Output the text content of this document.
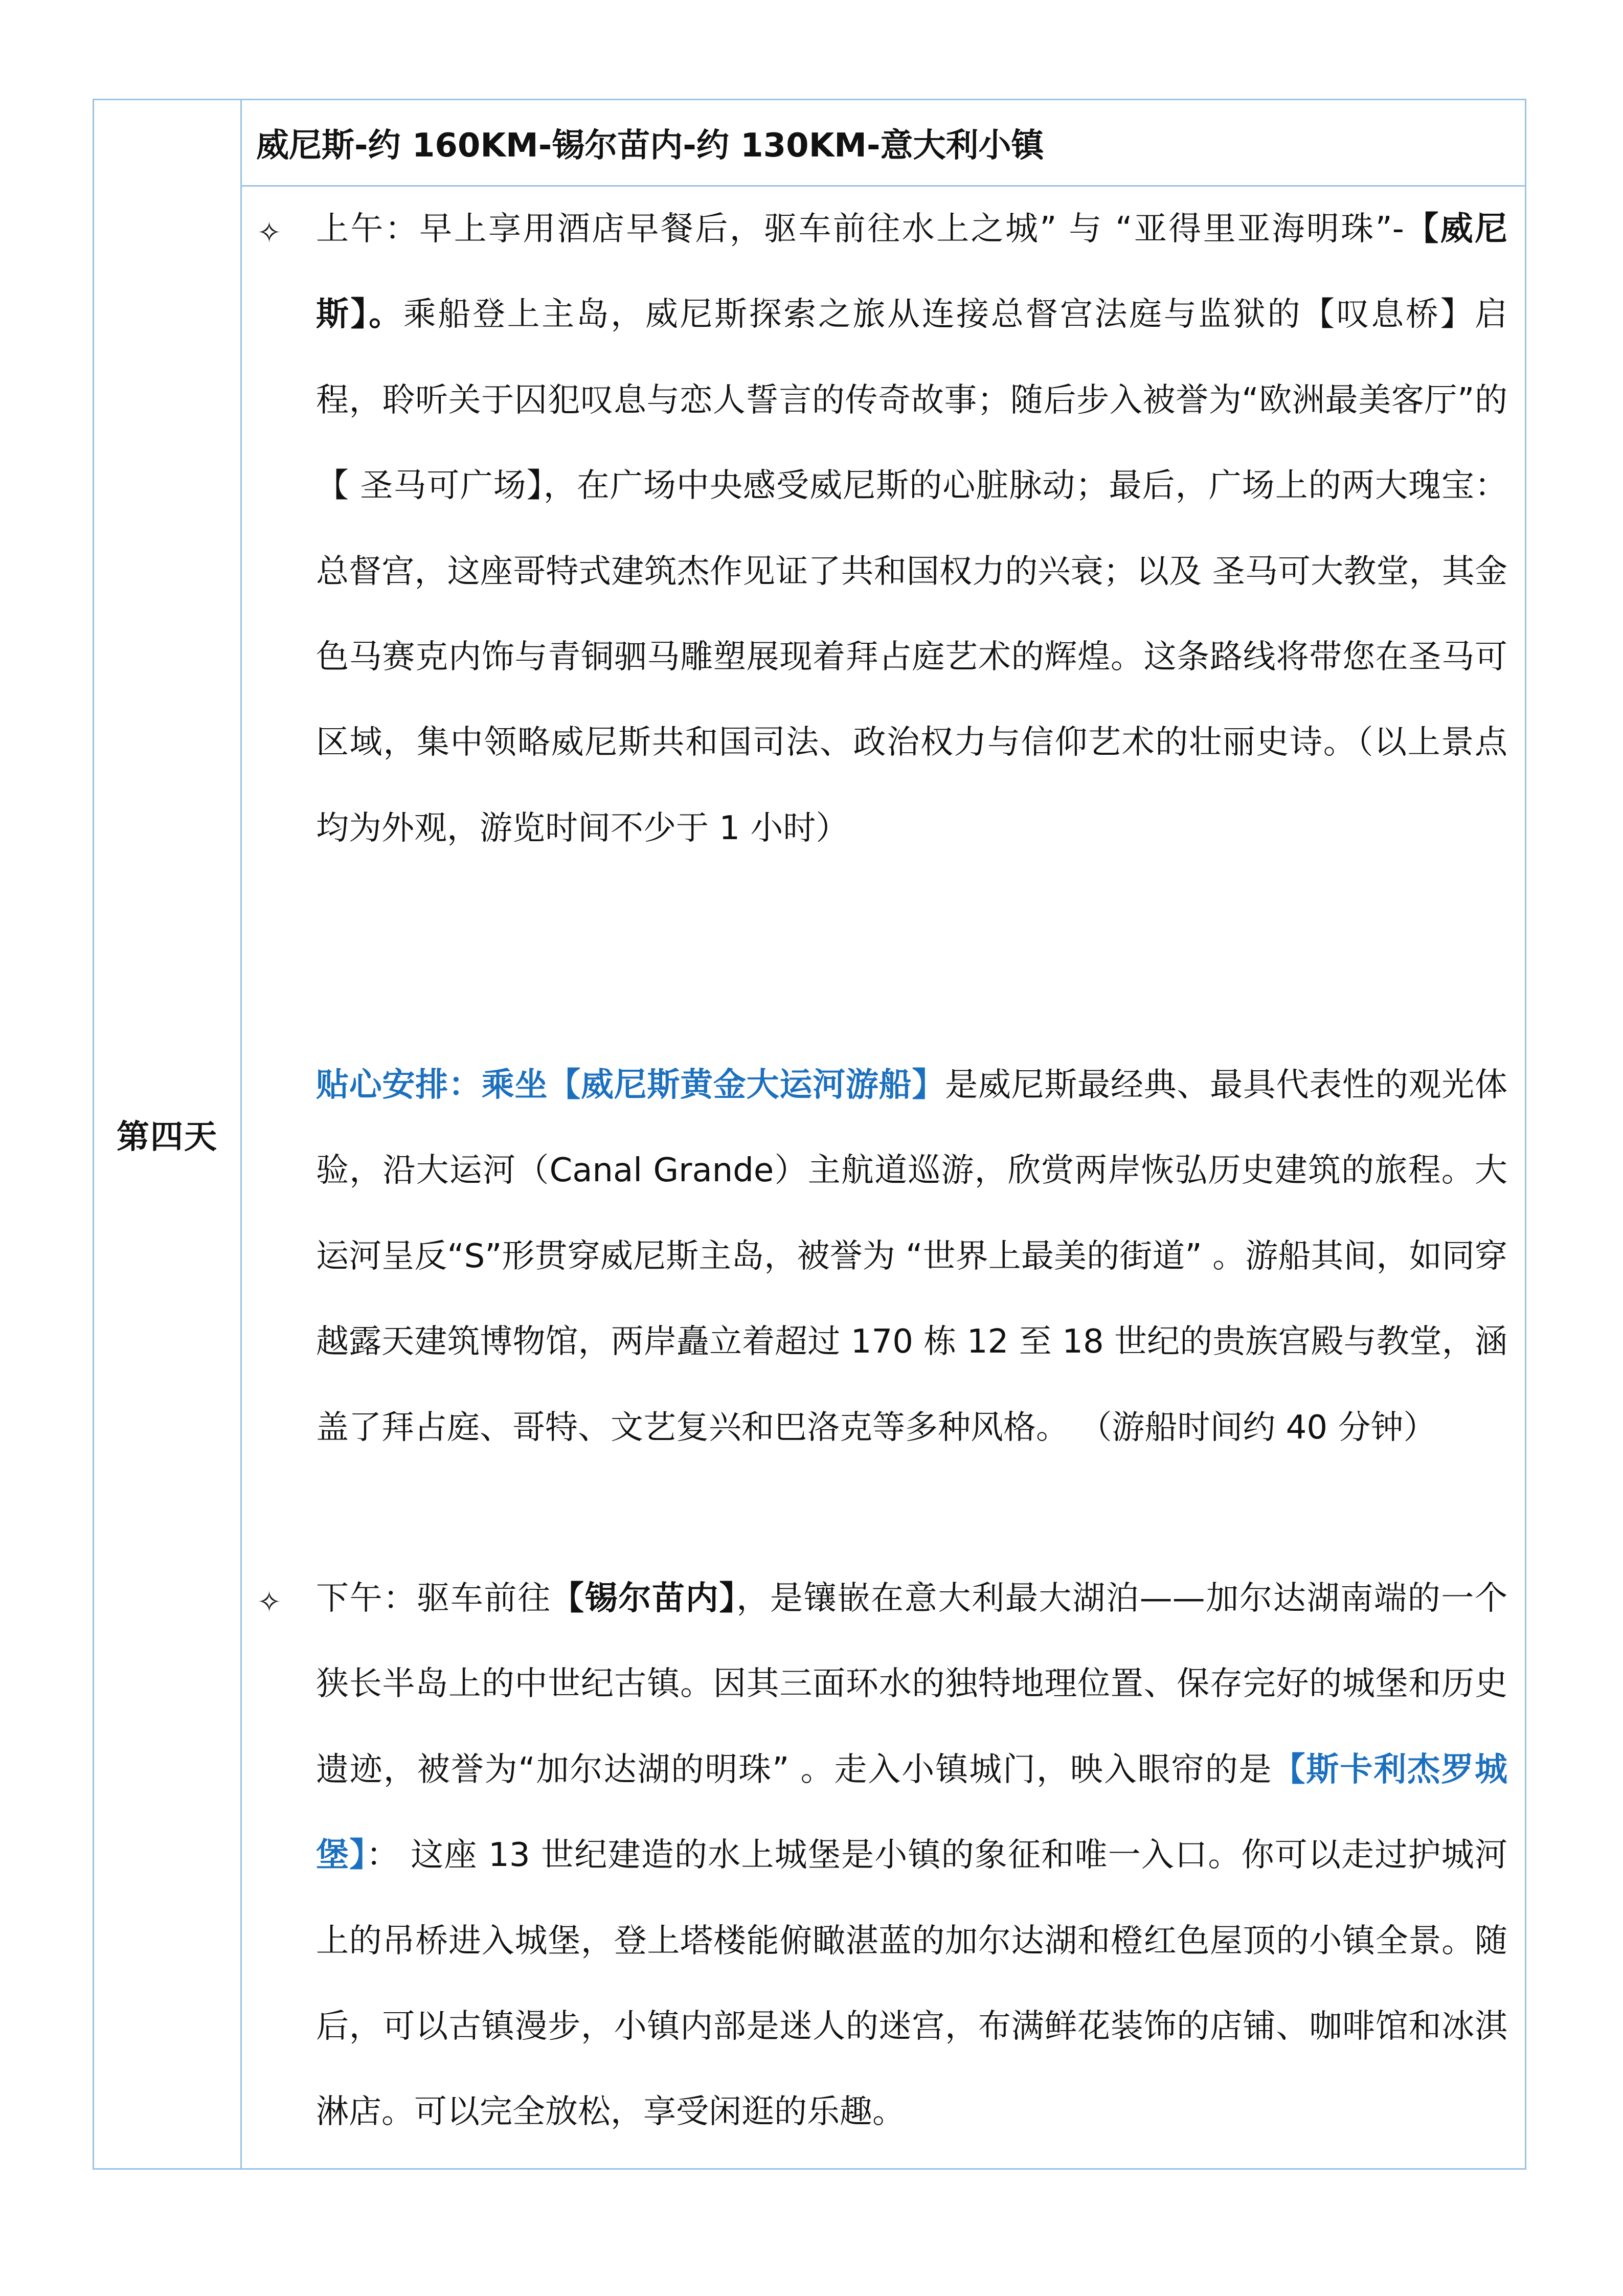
第四天
威尼斯-约 160KM-锡尔苗内-约 130KM-意大利小镇
✧ 上午：早上享用酒店早餐后，驱车前往水上之城” 与 “亚得里亚海明珠”-【威尼斯】。乘船登上主岛，威尼斯探索之旅从连接总督宫法庭与监狱的【叹息桥】启程，聆听关于囚犯叹息与恋人誓言的传奇故事；随后步入被誉为“欧洲最美客厅”的【 圣马可广场】，在广场中央感受威尼斯的心脏脉动；最后，广场上的两大瑰宝：总督宫，这座哥特式建筑杰作见证了共和国权力的兴衰；以及 圣马可大教堂，其金色马赛克内饰与青铜驷马雕塑展现着拜占庭艺术的辉煌。这条路线将带您在圣马可区域，集中领略威尼斯共和国司法、政治权力与信仰艺术的壮丽史诗。（以上景点均为外观，游览时间不少于 1 小时）

贴心安排：乘坐【威尼斯黄金大运河游船】是威尼斯最经典、最具代表性的观光体验，沿大运河（Canal Grande）主航道巡游，欣赏两岸恢弘历史建筑的旅程。大运河呈反“S”形贯穿威尼斯主岛，被誉为 “世界上最美的街道” 。游船其间，如同穿越露天建筑博物馆，两岸矗立着超过 170 栋 12 至 18 世纪的贵族宫殿与教堂，涵盖了拜占庭、哥特、文艺复兴和巴洛克等多种风格。 （游船时间约 40 分钟）

✧ 下午：驱车前往【锡尔苗内】，是镶嵌在意大利最大湖泊——加尔达湖南端的一个狭长半岛上的中世纪古镇。因其三面环水的独特地理位置、保存完好的城堡和历史遗迹，被誉为“加尔达湖的明珠” 。走入小镇城门，映入眼帘的是【斯卡利杰罗城堡】： 这座 13 世纪建造的水上城堡是小镇的象征和唯一入口。你可以走过护城河上的吊桥进入城堡，登上塔楼能俯瞰湛蓝的加尔达湖和橙红色屋顶的小镇全景。随后，可以古镇漫步，小镇内部是迷人的迷宫，布满鲜花装饰的店铺、咖啡馆和冰淇淋店。可以完全放松，享受闲逛的乐趣。
